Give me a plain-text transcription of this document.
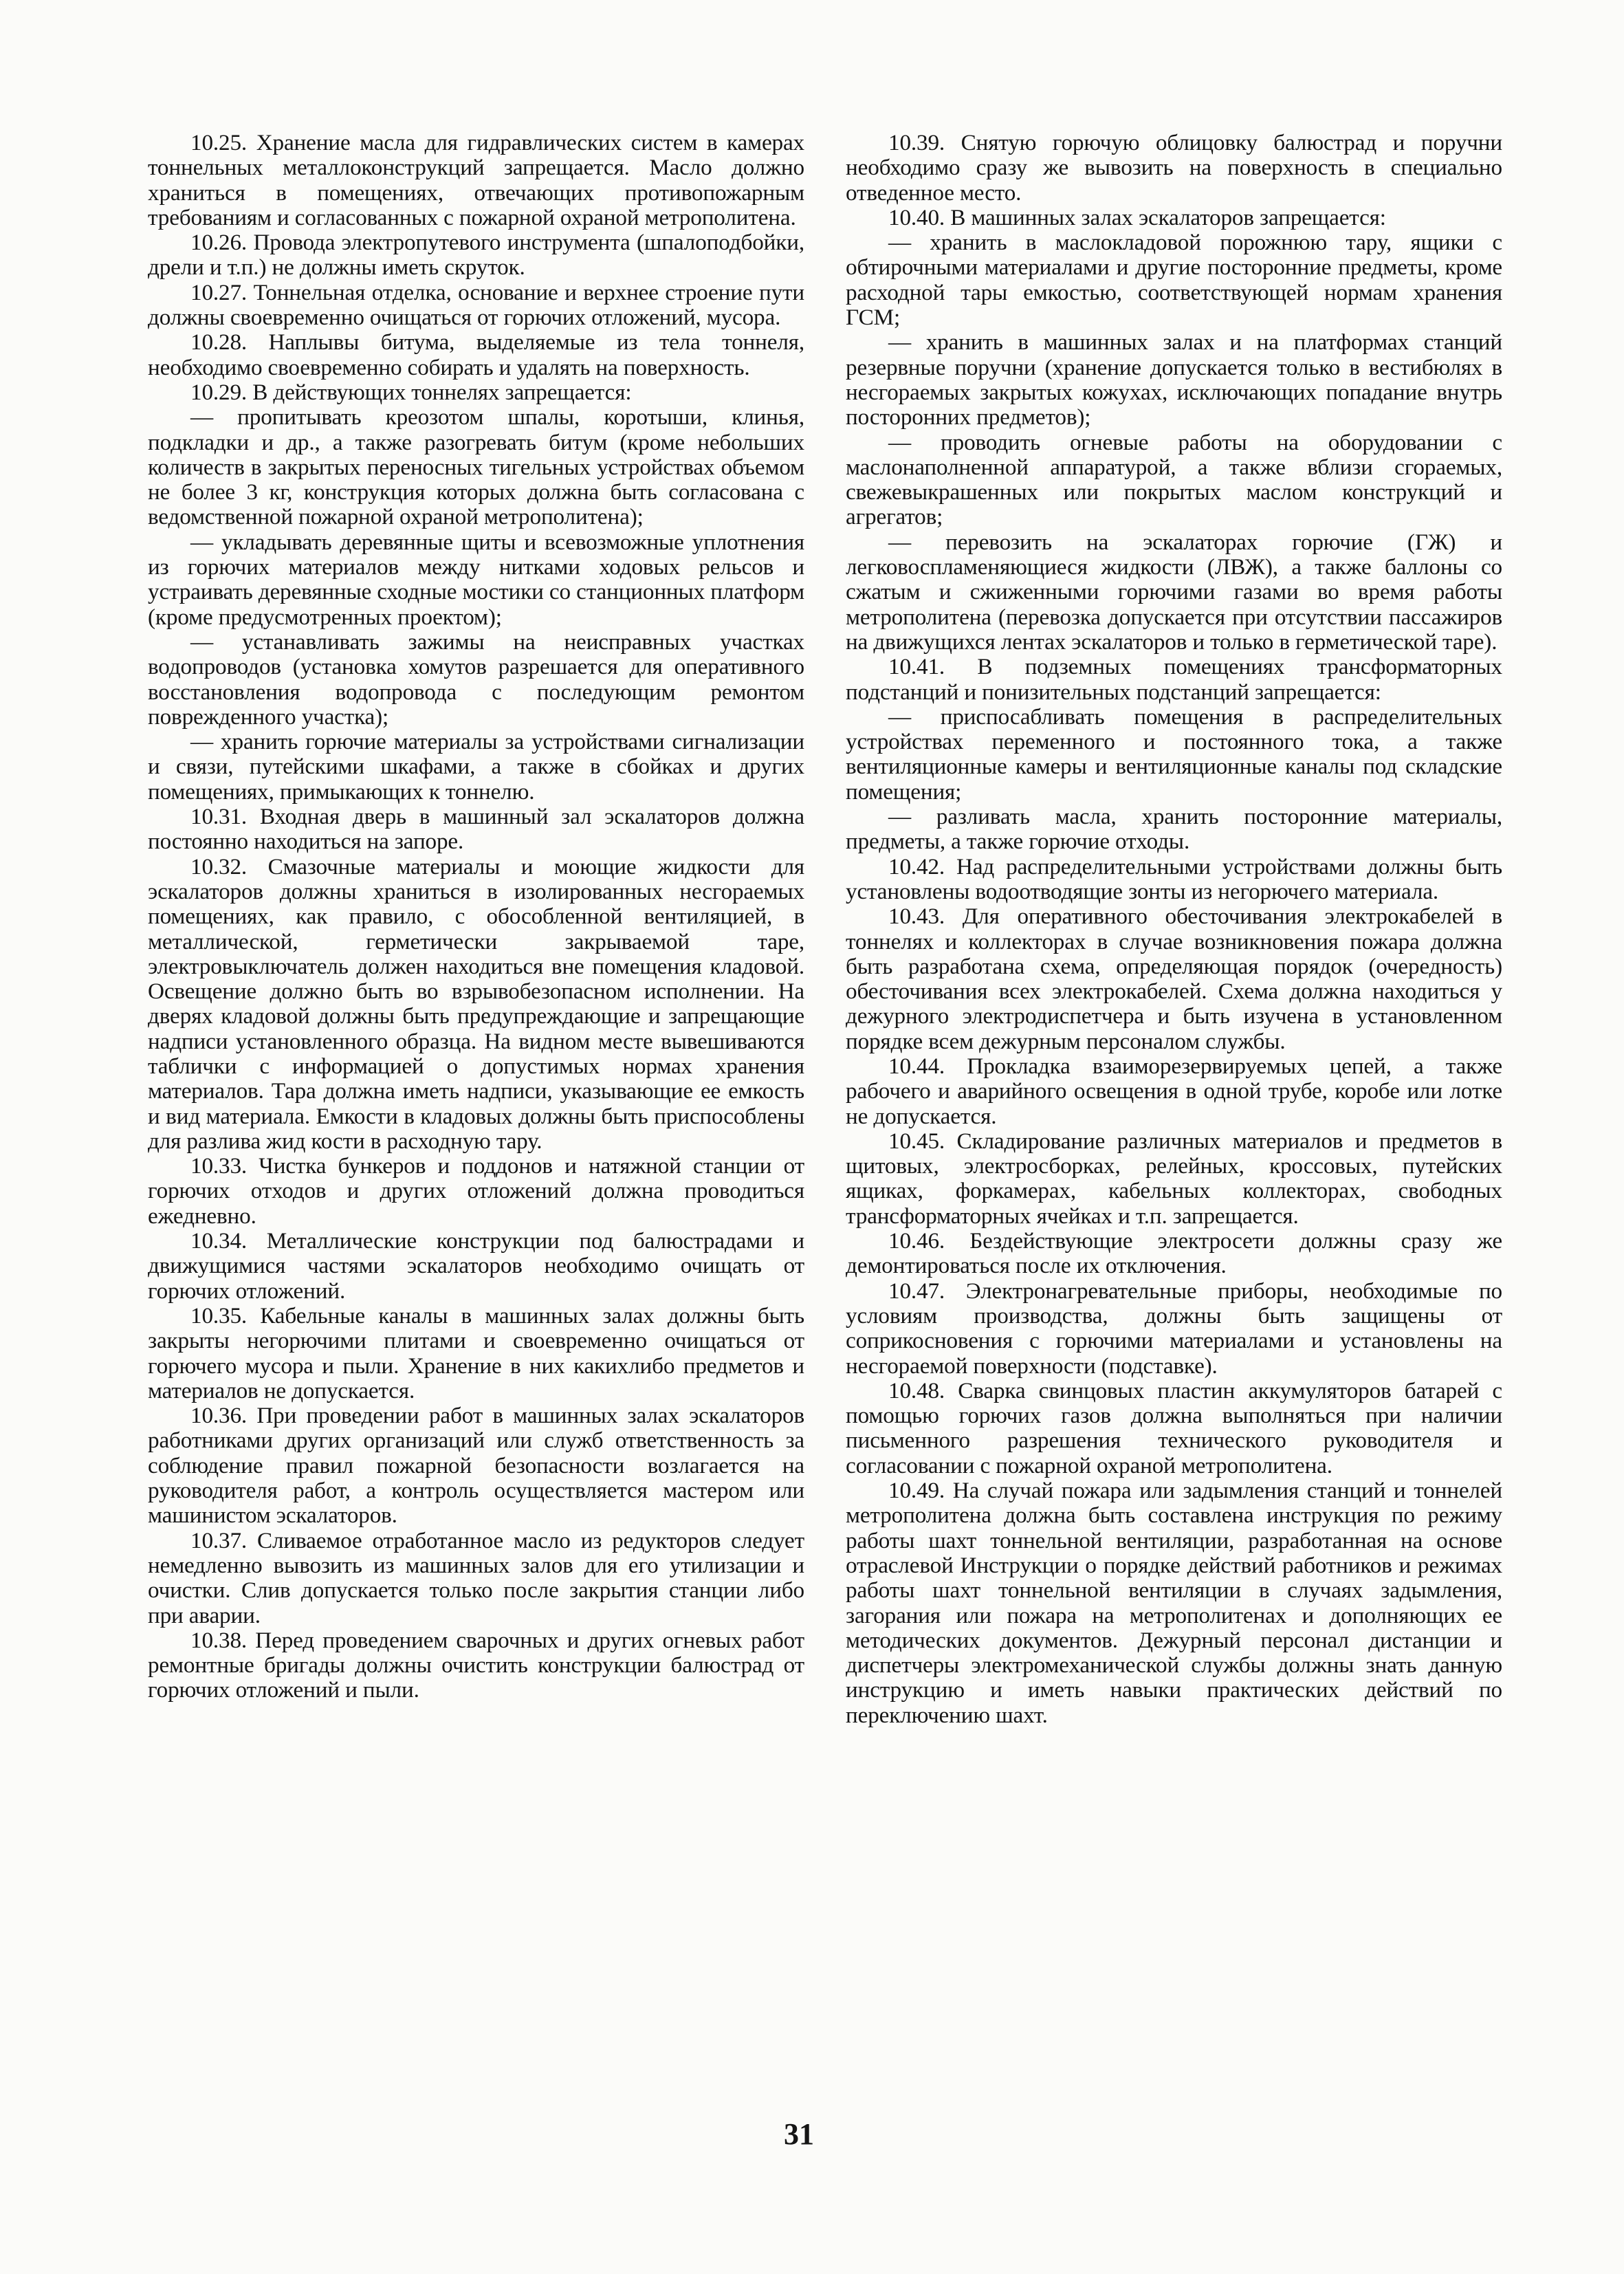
10.25. Хранение масла для гидравлических систем в камерах тоннельных металлоконструкций запрещается. Масло должно храниться в помещениях, отвечающих противопожарным требованиям и согласованных с пожарной охраной метрополитена.

10.26. Провода электропутевого инструмента (шпалоподбойки, дрели и т.п.) не должны иметь скруток.

10.27. Тоннельная отделка, основание и верхнее строение пути должны своевременно очищаться от горючих отложений, мусора.

10.28. Наплывы битума, выделяемые из тела тоннеля, необходимо своевременно собирать и удалять на поверхность.

10.29. В действующих тоннелях запрещается:

— пропитывать креозотом шпалы, коротыши, клинья, подкладки и др., а также разогревать битум (кроме небольших количеств в закрытых переносных тигельных устройствах объемом не более 3 кг, конструкция которых должна быть согласована с ведомственной пожарной охраной метрополитена);

— укладывать деревянные щиты и всевозможные уплотнения из горючих материалов между нитками ходовых рельсов и устраивать деревянные сходные мостики со станционных платформ (кроме предусмотренных проектом);

— устанавливать зажимы на неисправных участках водопроводов (установка хомутов разрешается для оперативного восстановления водопровода с последующим ремонтом поврежденного участка);

— хранить горючие материалы за устройствами сигнализации и связи, путейскими шкафами, а также в сбойках и других помещениях, примыкающих к тоннелю.

10.31. Входная дверь в машинный зал эскалаторов должна постоянно находиться на запоре.

10.32. Смазочные материалы и моющие жидкости для эскалаторов должны храниться в изолированных несгораемых помещениях, как правило, с обособленной вентиляцией, в металлической, герметически закрываемой таре, электровыключатель должен находиться вне помещения кладовой. Освещение должно быть во взрывобезопасном исполнении. На дверях кладовой должны быть предупреждающие и запрещающие надписи установленного образца. На видном месте вывешиваются таблички с информацией о допустимых нормах хранения материалов. Тара должна иметь надписи, указывающие ее емкость и вид материала. Емкости в кладовых должны быть приспособлены для разлива жид кости в расходную тару.

10.33. Чистка бункеров и поддонов и натяжной станции от горючих отходов и других отложений должна проводиться ежедневно.

10.34. Металлические конструкции под балюстрадами и движущимися частями эскалаторов необходимо очищать от горючих отложений.

10.35. Кабельные каналы в машинных залах должны быть закрыты негорючими плитами и своевременно очищаться от горючего мусора и пыли. Хранение в них какихлибо предметов и материалов не допускается.

10.36. При проведении работ в машинных залах эскалаторов работниками других организаций или служб ответственность за соблюдение правил пожарной безопасности возлагается на руководителя работ, а контроль осуществляется мастером или машинистом эскалаторов.

10.37. Сливаемое отработанное масло из редукторов следует немедленно вывозить из машинных залов для его утилизации и очистки. Слив допускается только после закрытия станции либо при аварии.

10.38. Перед проведением сварочных и других огневых работ ремонтные бригады должны очистить конструкции балюстрад от горючих отложений и пыли.

10.39. Снятую горючую облицовку балюстрад и поручни необходимо сразу же вывозить на поверхность в специально отведенное место.

10.40. В машинных залах эскалаторов запрещается:

— хранить в маслокладовой порожнюю тару, ящики с обтирочными материалами и другие посторонние предметы, кроме расходной тары емкостью, соответствующей нормам хранения ГСМ;

— хранить в машинных залах и на платформах станций резервные поручни (хранение допускается только в вестибюлях в несгораемых закрытых кожухах, исключающих попадание внутрь посторонних предметов);

— проводить огневые работы на оборудовании с маслонаполненной аппаратурой, а также вблизи сгораемых, свежевыкрашенных или покрытых маслом конструкций и агрегатов;

— перевозить на эскалаторах горючие (ГЖ) и легковоспламеняющиеся жидкости (ЛВЖ), а также баллоны со сжатым и сжиженными горючими газами во время работы метрополитена (перевозка допускается при отсутствии пассажиров на движущихся лентах эскалаторов и только в герметической таре).

10.41. В подземных помещениях трансформаторных подстанций и понизительных подстанций запрещается:

— приспосабливать помещения в распределительных устройствах переменного и постоянного тока, а также вентиляционные камеры и вентиляционные каналы под складские помещения;

— разливать масла, хранить посторонние материалы, предметы, а также горючие отходы.

10.42. Над распределительными устройствами должны быть установлены водоотводящие зонты из негорючего материала.

10.43. Для оперативного обесточивания электрокабелей в тоннелях и коллекторах в случае возникновения пожара должна быть разработана схема, определяющая порядок (очередность) обесточивания всех электрокабелей. Схема должна находиться у дежурного электродиспетчера и быть изучена в установленном порядке всем дежурным персоналом службы.

10.44. Прокладка взаиморезервируемых цепей, а также рабочего и аварийного освещения в одной трубе, коробе или лотке не допускается.

10.45. Складирование различных материалов и предметов в щитовых, электросборках, релейных, кроссовых, путейских ящиках, форкамерах, кабельных коллекторах, свободных трансформаторных ячейках и т.п. запрещается.

10.46. Бездействующие электросети должны сразу же демонтироваться после их отключения.

10.47. Электронагревательные приборы, необходимые по условиям производства, должны быть защищены от соприкосновения с горючими материалами и установлены на несгораемой поверхности (подставке).

10.48. Сварка свинцовых пластин аккумуляторов батарей с помощью горючих газов должна выполняться при наличии письменного разрешения технического руководителя и согласовании с пожарной охраной метрополитена.

10.49. На случай пожара или задымления станций и тоннелей метрополитена должна быть составлена инструкция по режиму работы шахт тоннельной вентиляции, разработанная на основе отраслевой Инструкции о порядке действий работников и режимах работы шахт тоннельной вентиляции в случаях задымления, загорания или пожара на метрополитенах и дополняющих ее методических документов. Дежурный персонал дистанции и диспетчеры электромеханической службы должны знать данную инструкцию и иметь навыки практических действий по переключению шахт.

31
